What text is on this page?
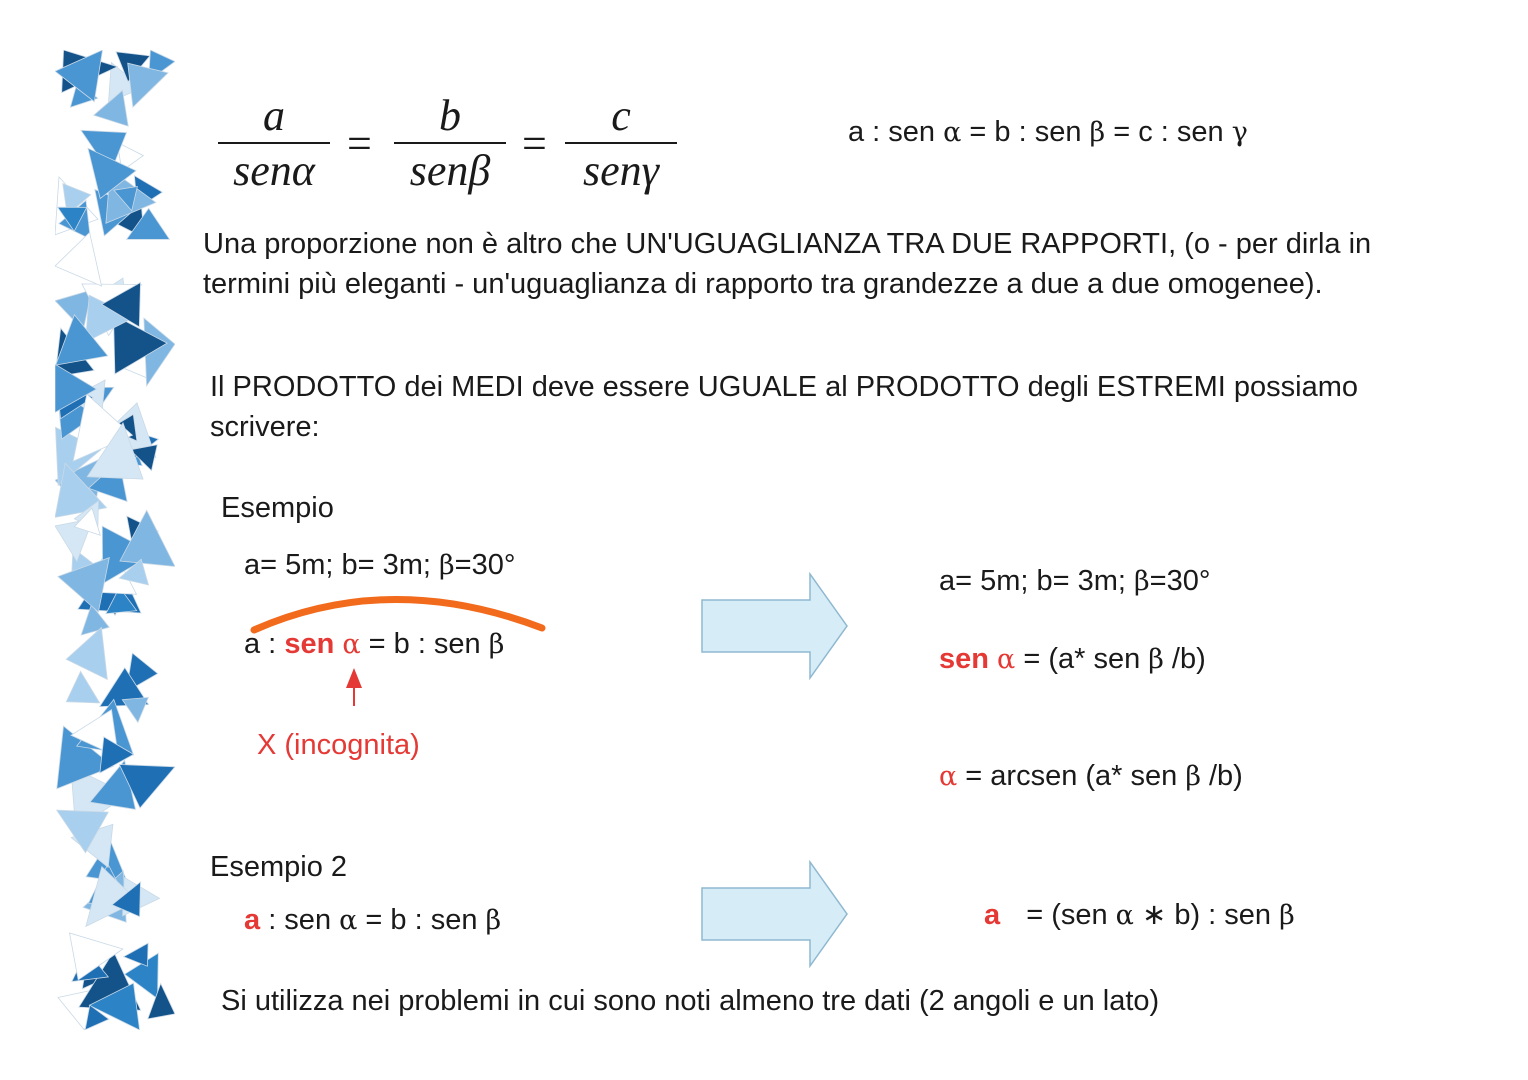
a
senα
=
b
senβ
=
c
senγ
a : sen α = b : sen β = c : sen γ
Una proporzione non è altro che UN'UGUAGLIANZA TRA DUE RAPPORTI, (o - per dirla in termini più eleganti - un'uguaglianza di rapporto tra grandezze a due a due omogenee).
Il PRODOTTO dei MEDI deve essere UGUALE al PRODOTTO degli ESTREMI possiamo scrivere:
Esempio
a= 5m; b= 3m; β=30°
a : sen α = b : sen β
X (incognita)
a= 5m; b= 3m; β=30°
sen α = (a* sen β /b)
α = arcsen (a* sen β /b)
Esempio 2
a : sen α = b : sen β	a = (sen α ∗ b) : sen β
Si utilizza nei problemi in cui sono noti almeno tre dati (2 angoli e un lato)
